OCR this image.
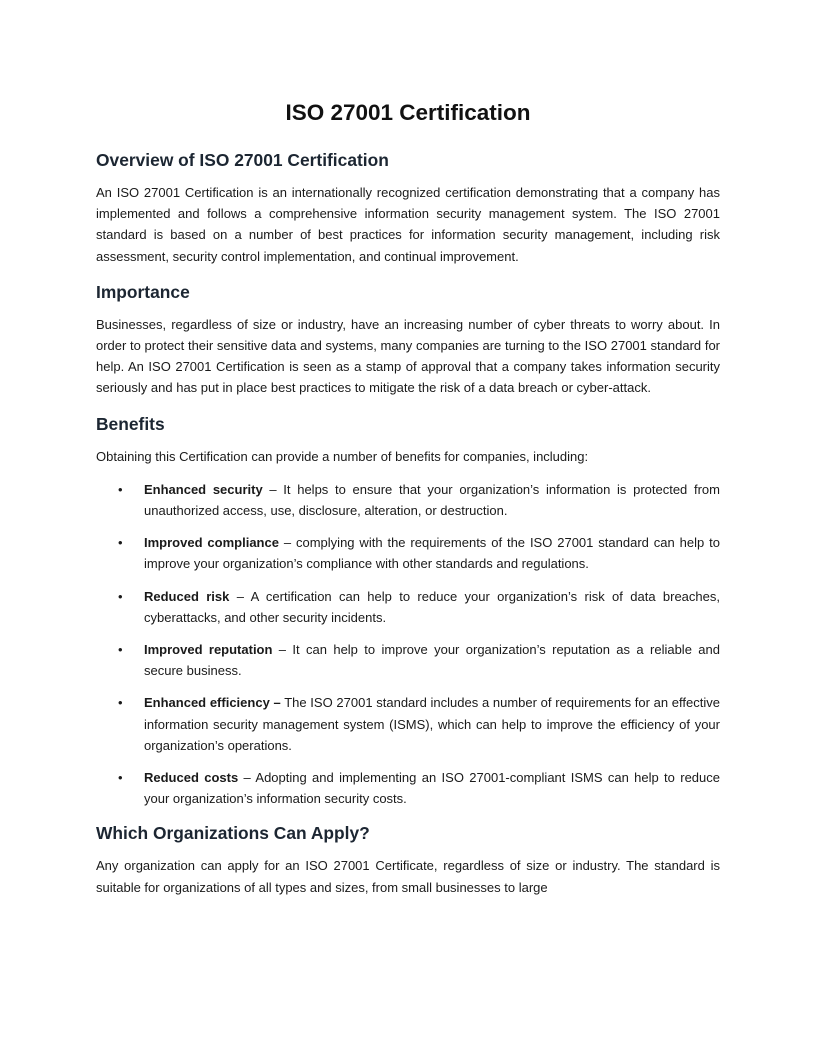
ISO 27001 Certification
Overview of ISO 27001 Certification

An ISO 27001 Certification is an internationally recognized certification demonstrating that a company has implemented and follows a comprehensive information security management system. The ISO 27001 standard is based on a number of best practices for information security management, including risk assessment, security control implementation, and continual improvement.

Importance

Businesses, regardless of size or industry, have an increasing number of cyber threats to worry about. In order to protect their sensitive data and systems, many companies are turning to the ISO 27001 standard for help. An ISO 27001 Certification is seen as a stamp of approval that a company takes information security seriously and has put in place best practices to mitigate the risk of a data breach or cyber-attack.

Benefits

Obtaining this Certification can provide a number of benefits for companies, including:

• Enhanced security – It helps to ensure that your organization’s information is protected from unauthorized access, use, disclosure, alteration, or destruction.
• Improved compliance – complying with the requirements of the ISO 27001 standard can help to improve your organization’s compliance with other standards and regulations.
• Reduced risk – A certification can help to reduce your organization’s risk of data breaches, cyberattacks, and other security incidents.
• Improved reputation – It can help to improve your organization’s reputation as a reliable and secure business.
• Enhanced efficiency – The ISO 27001 standard includes a number of requirements for an effective information security management system (ISMS), which can help to improve the efficiency of your organization’s operations.
• Reduced costs – Adopting and implementing an ISO 27001-compliant ISMS can help to reduce your organization’s information security costs.
Which Organizations Can Apply?

Any organization can apply for an ISO 27001 Certificate, regardless of size or industry. The standard is suitable for organizations of all types and sizes, from small businesses to large
